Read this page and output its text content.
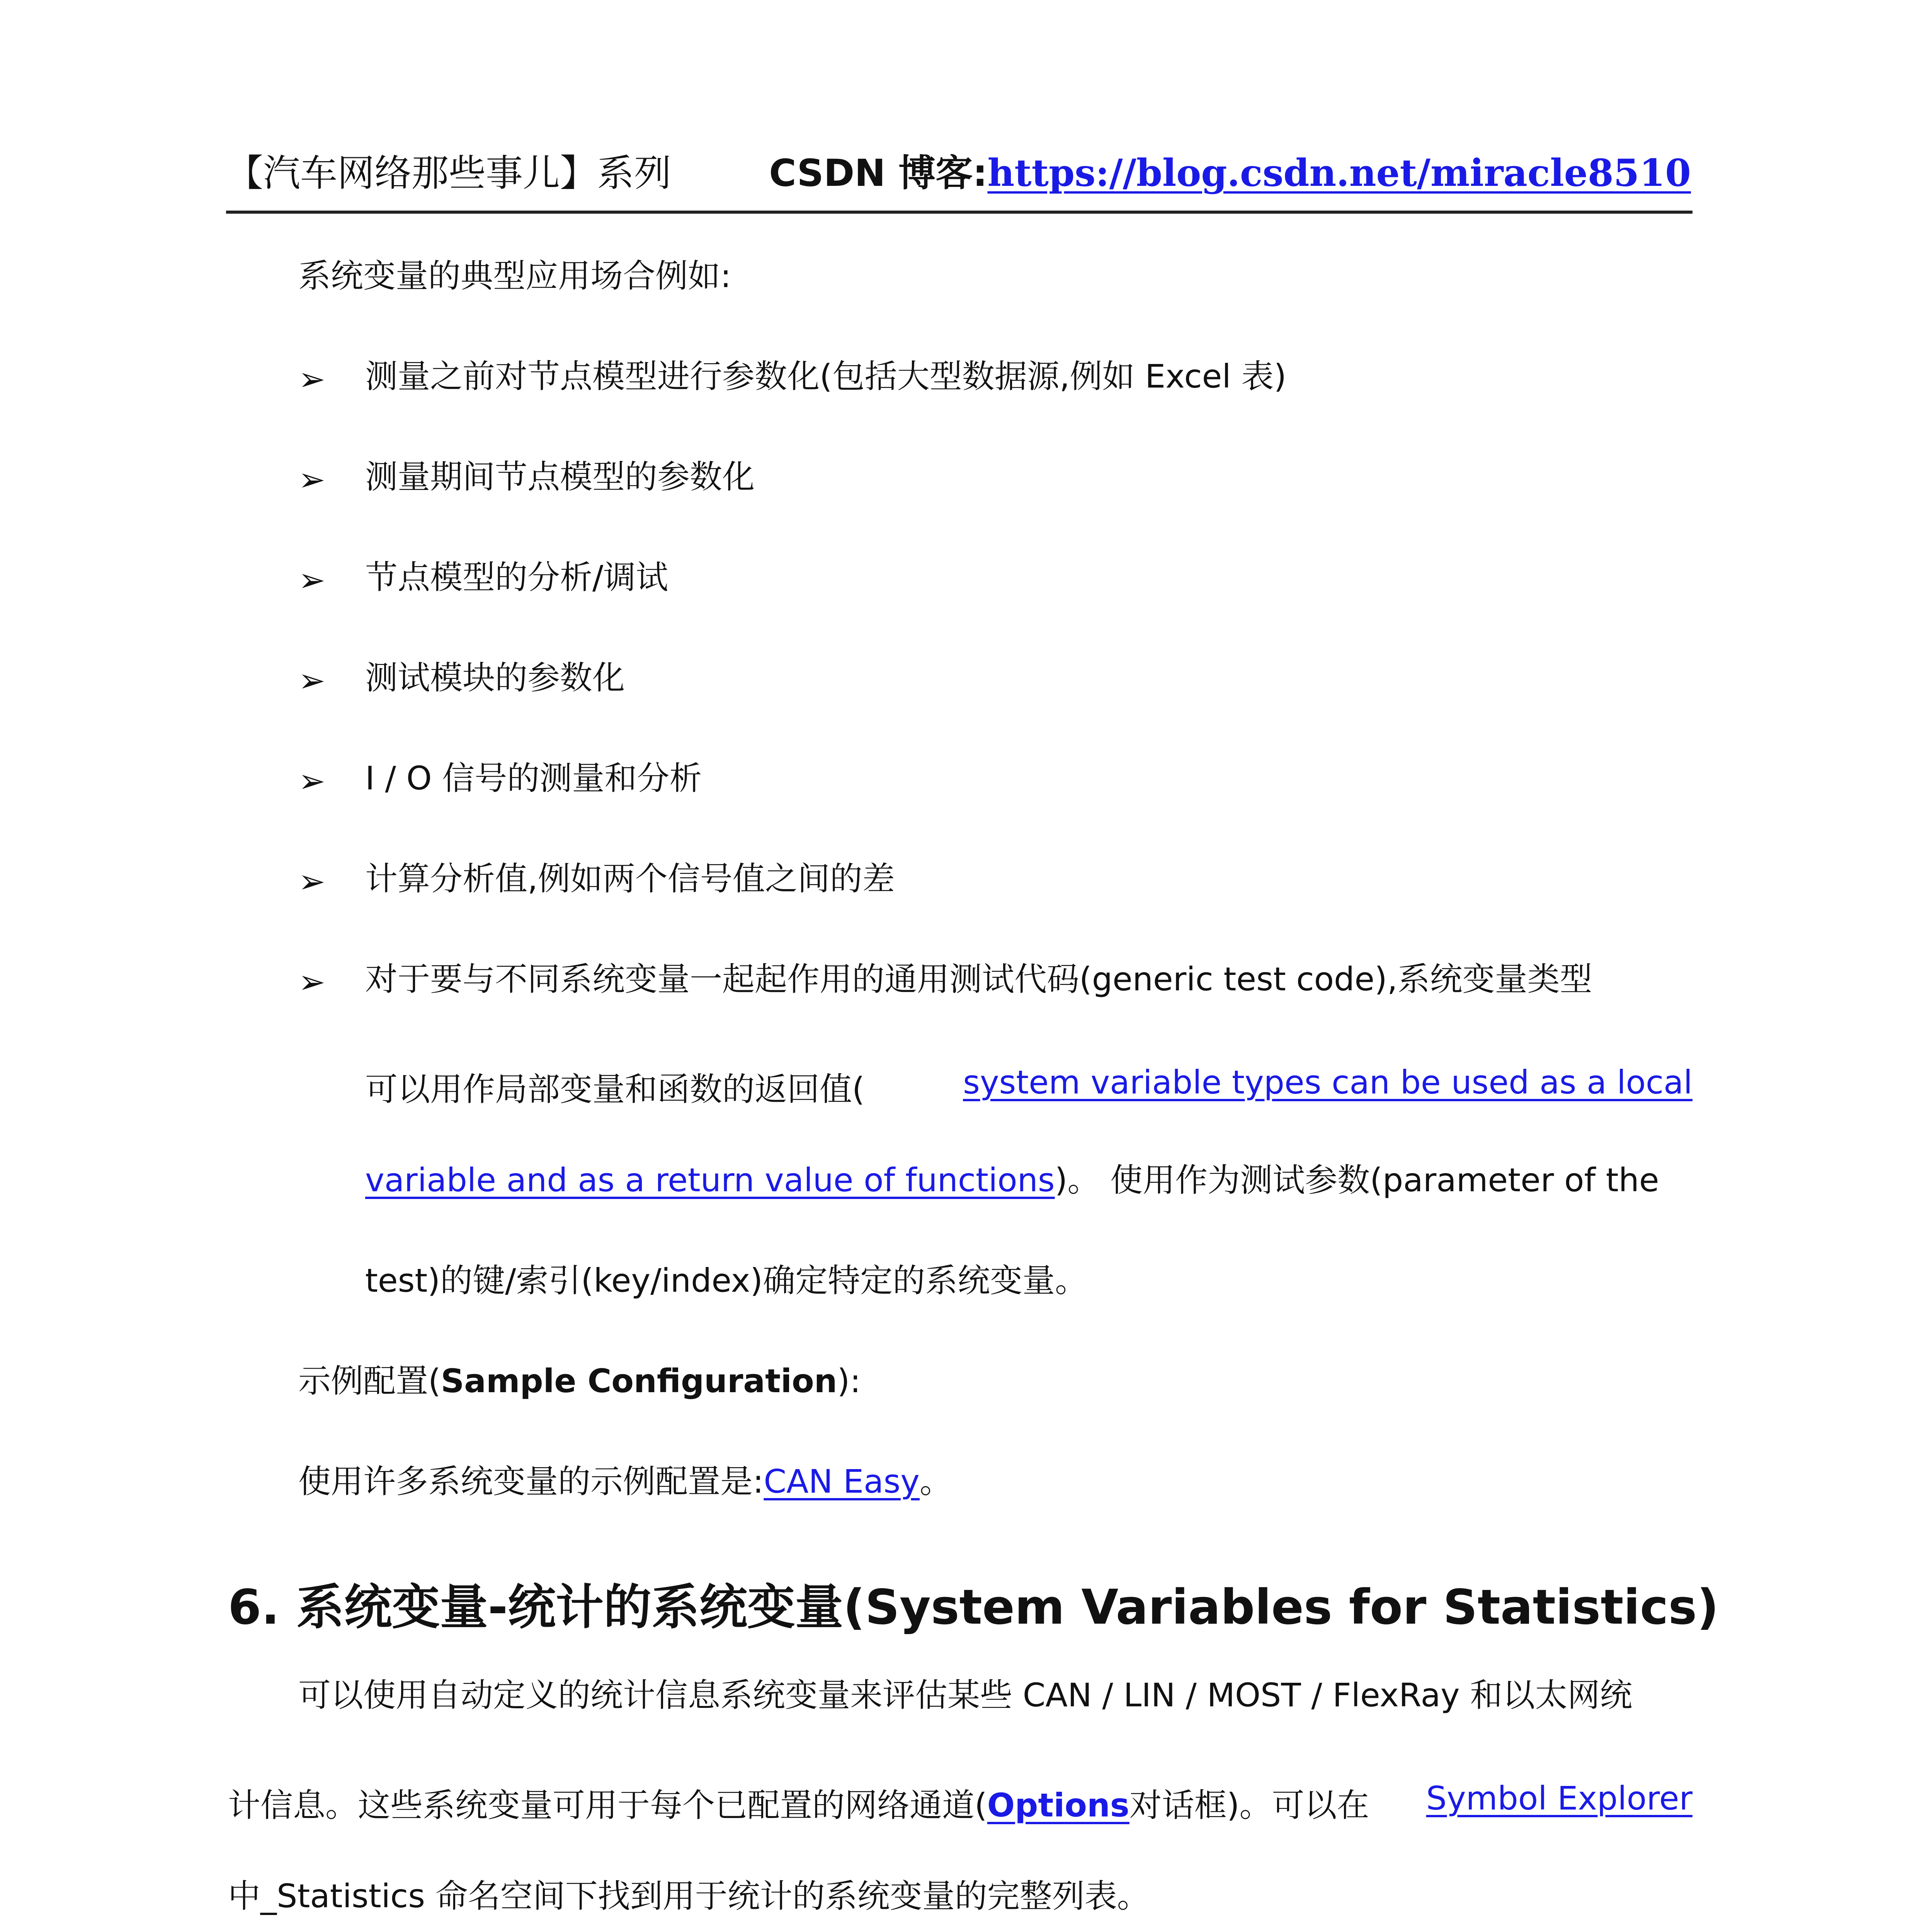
【汽车网络那些事儿】系列	CSDN 博客:https://blog.csdn.net/miracle8510
系统变量的典型应用场合例如:
➢ 测量之前对节点模型进行参数化(包括大型数据源,例如 Excel 表)
➢ 测量期间节点模型的参数化
➢ 节点模型的分析/调试
➢ 测试模块的参数化
➢ I / O 信号的测量和分析
➢ 计算分析值,例如两个信号值之间的差
➢ 对于要与不同系统变量一起起作用的通用测试代码(generic test code),系统变量类型
可以用作局部变量和函数的返回值(	system variable types can be used as a local
variable and as a return value of functions)。 使用作为测试参数(parameter of the
test)的键/索引(key/index)确定特定的系统变量。
示例配置(Sample Configuration):
使用许多系统变量的示例配置是:CAN Easy。
6. 系统变量-统计的系统变量(System Variables for Statistics)
可以使用自动定义的统计信息系统变量来评估某些 CAN / LIN / MOST / FlexRay 和以太网统
计信息。这些系统变量可用于每个已配置的网络通道(Options对话框)。可以在 Symbol Explorer
中_Statistics 命名空间下找到用于统计的系统变量的完整列表。
